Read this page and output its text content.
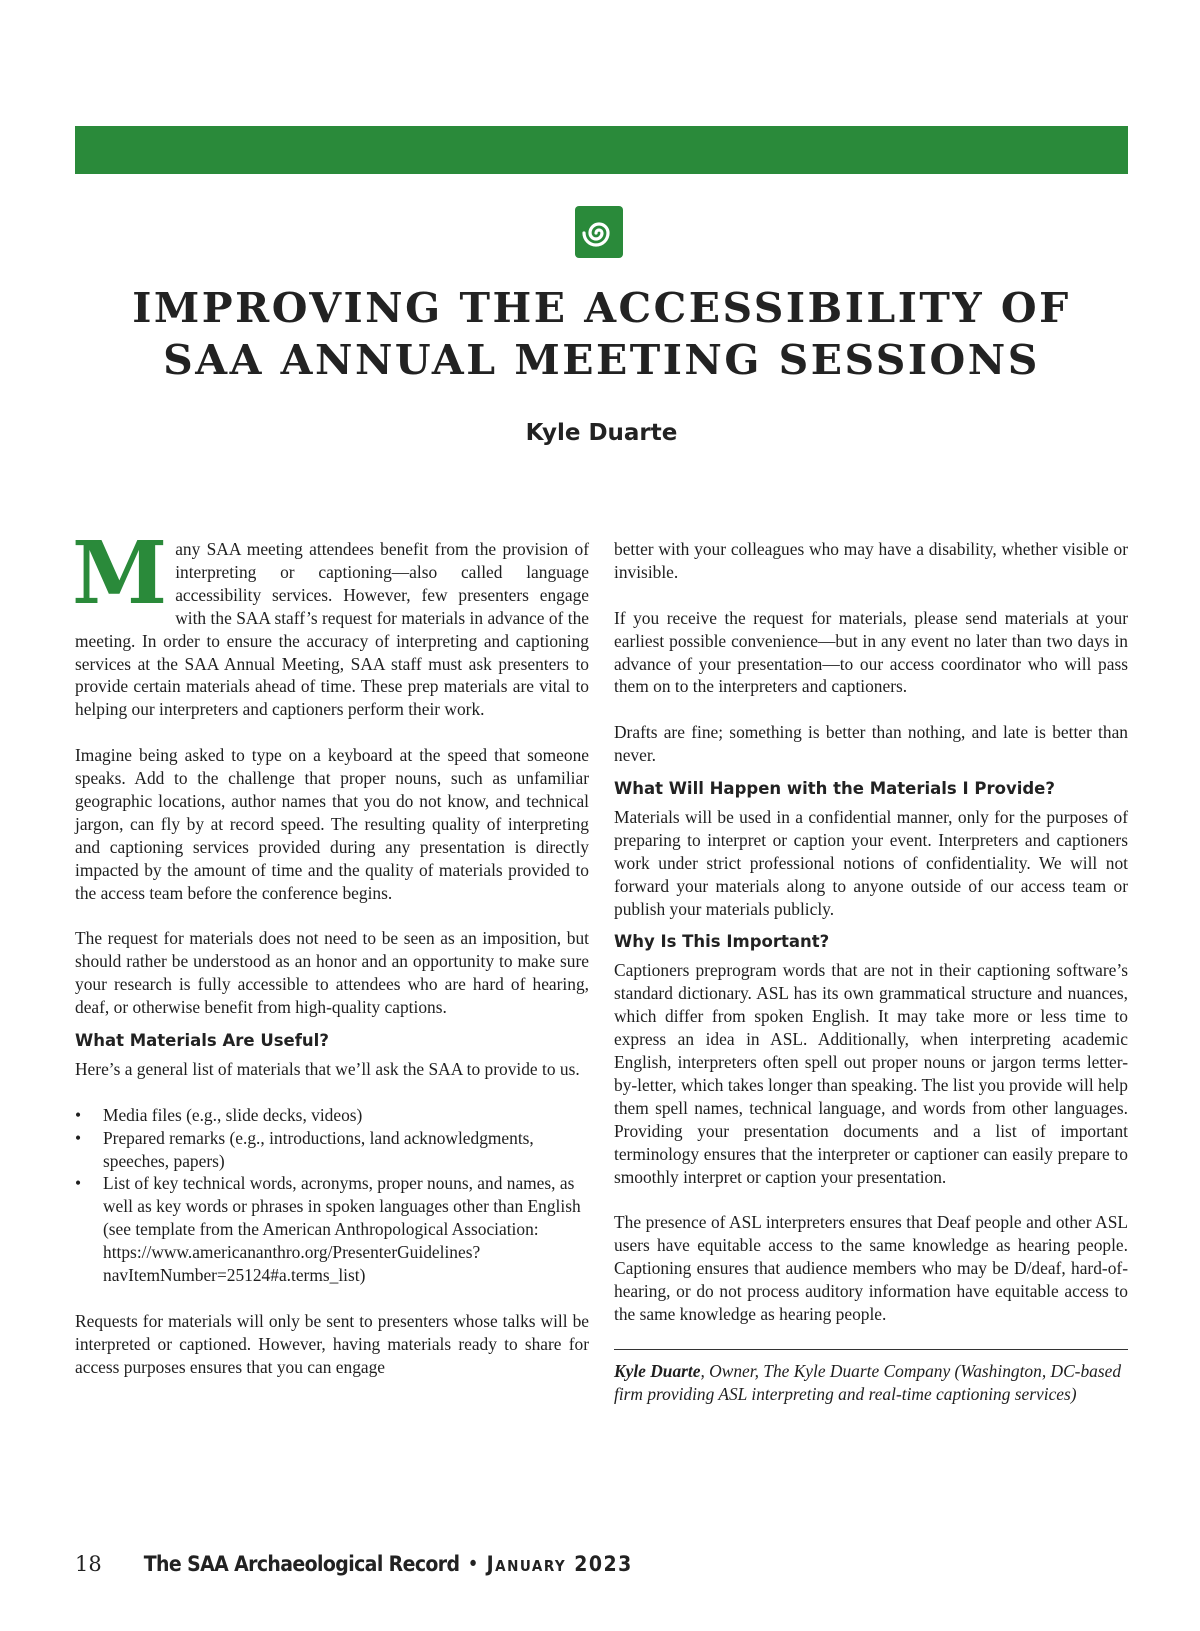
IMPROVING THE ACCESSIBILITY OF
SAA ANNUAL MEETING SESSIONS
Kyle Duarte

Many SAA meeting attendees benefit from the provision of interpreting or captioning—also called language accessibility services. However, few presenters engage with the SAA staff’s request for materials in advance of the meeting. In order to ensure the accuracy of interpreting and captioning services at the SAA Annual Meeting, SAA staff must ask presenters to provide certain materials ahead of time. These prep materials are vital to helping our interpreters and captioners perform their work.

Imagine being asked to type on a keyboard at the speed that someone speaks. Add to the challenge that proper nouns, such as unfamiliar geographic locations, author names that you do not know, and technical jargon, can fly by at record speed. The resulting quality of interpreting and captioning services provided during any presentation is directly impacted by the amount of time and the quality of materials provided to the access team before the conference begins.

The request for materials does not need to be seen as an imposition, but should rather be understood as an honor and an opportunity to make sure your research is fully accessible to attendees who are hard of hearing, deaf, or otherwise benefit from high-quality captions.

What Materials Are Useful?

Here’s a general list of materials that we’ll ask the SAA to provide to us.

• Media files (e.g., slide decks, videos)
• Prepared remarks (e.g., introductions, land acknowledgments, speeches, papers)
• List of key technical words, acronyms, proper nouns, and names, as well as key words or phrases in spoken languages other than English (see template from the American Anthropological Association: https://www.americananthro.org/PresenterGuidelines?navItemNumber=25124#a.terms_list)

Requests for materials will only be sent to presenters whose talks will be interpreted or captioned. However, having materials ready to share for access purposes ensures that you can engage

better with your colleagues who may have a disability, whether visible or invisible.

If you receive the request for materials, please send materials at your earliest possible convenience—but in any event no later than two days in advance of your presentation—to our access coordinator who will pass them on to the interpreters and captioners.

Drafts are fine; something is better than nothing, and late is better than never.

What Will Happen with the Materials I Provide?

Materials will be used in a confidential manner, only for the purposes of preparing to interpret or caption your event. Interpreters and captioners work under strict professional notions of confidentiality. We will not forward your materials along to anyone outside of our access team or publish your materials publicly.

Why Is This Important?

Captioners preprogram words that are not in their captioning software’s standard dictionary. ASL has its own grammatical structure and nuances, which differ from spoken English. It may take more or less time to express an idea in ASL. Additionally, when interpreting academic English, interpreters often spell out proper nouns or jargon terms letter-by-letter, which takes longer than speaking. The list you provide will help them spell names, technical language, and words from other languages. Providing your presentation documents and a list of important terminology ensures that the interpreter or captioner can easily prepare to smoothly interpret or caption your presentation.

The presence of ASL interpreters ensures that Deaf people and other ASL users have equitable access to the same knowledge as hearing people. Captioning ensures that audience members who may be D/deaf, hard-of-hearing, or do not process auditory information have equitable access to the same knowledge as hearing people.

Kyle Duarte, Owner, The Kyle Duarte Company (Washington, DC-based firm providing ASL interpreting and real-time captioning services)

18 The SAA Archaeological Record • January 2023
